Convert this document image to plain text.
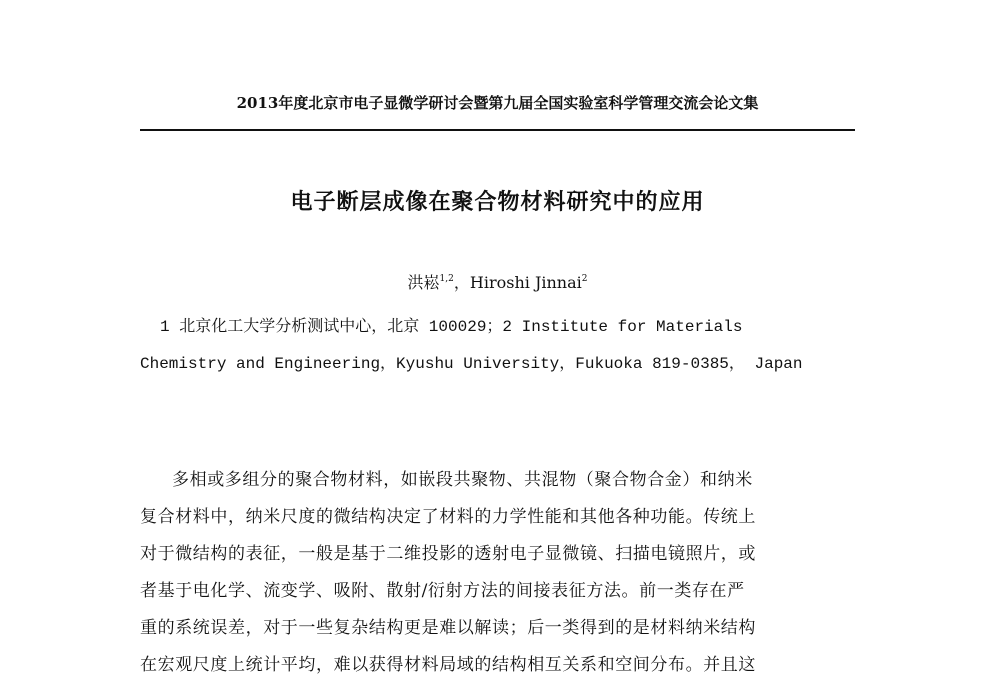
2013年度北京市电子显微学研讨会暨第九届全国实验室科学管理交流会论文集
电子断层成像在聚合物材料研究中的应用
洪崧$^{1,2}$，Hiroshi Jinnai$^2$
1 北京化工大学分析测试中心，北京 100029；2 Institute for Materials
Chemistry and Engineering，Kyushu University，Fukuoka 819-0385， Japan
多相或多组分的聚合物材料，如嵌段共聚物、共混物（聚合物合金）和纳米
复合材料中，纳米尺度的微结构决定了材料的力学性能和其他各种功能。传统上
对于微结构的表征，一般是基于二维投影的透射电子显微镜、扫描电镜照片，或
者基于电化学、流变学、吸附、散射/衍射方法的间接表征方法。前一类存在严
重的系统误差，对于一些复杂结构更是难以解读；后一类得到的是材料纳米结构
在宏观尺度上统计平均，难以获得材料局域的结构相互关系和空间分布。并且这
